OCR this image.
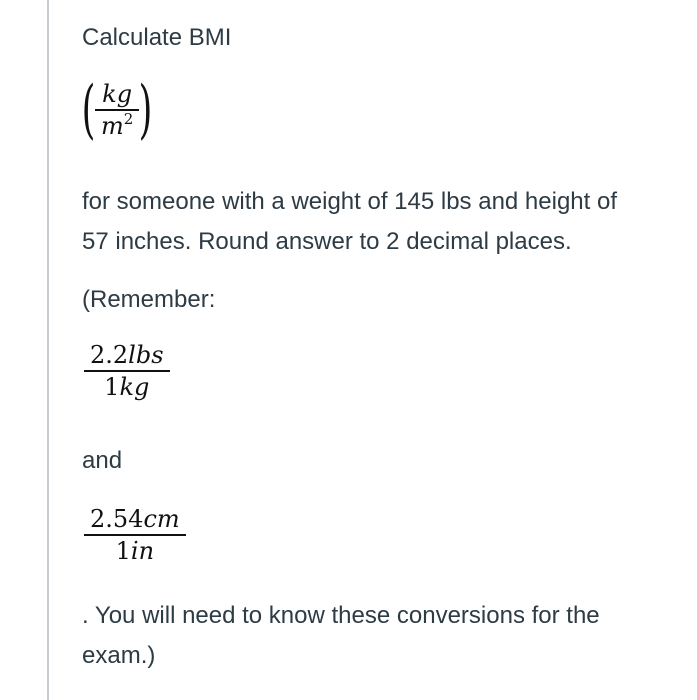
Calculate BMI

( $\frac{kg}{m^2}$ )

for someone with a weight of 145 lbs and height of

57 inches. Round answer to 2 decimal places.

(Remember:

2.2lbs
1kg

and

2.54cm
1in

. You will need to know these conversions for the

exam.)
